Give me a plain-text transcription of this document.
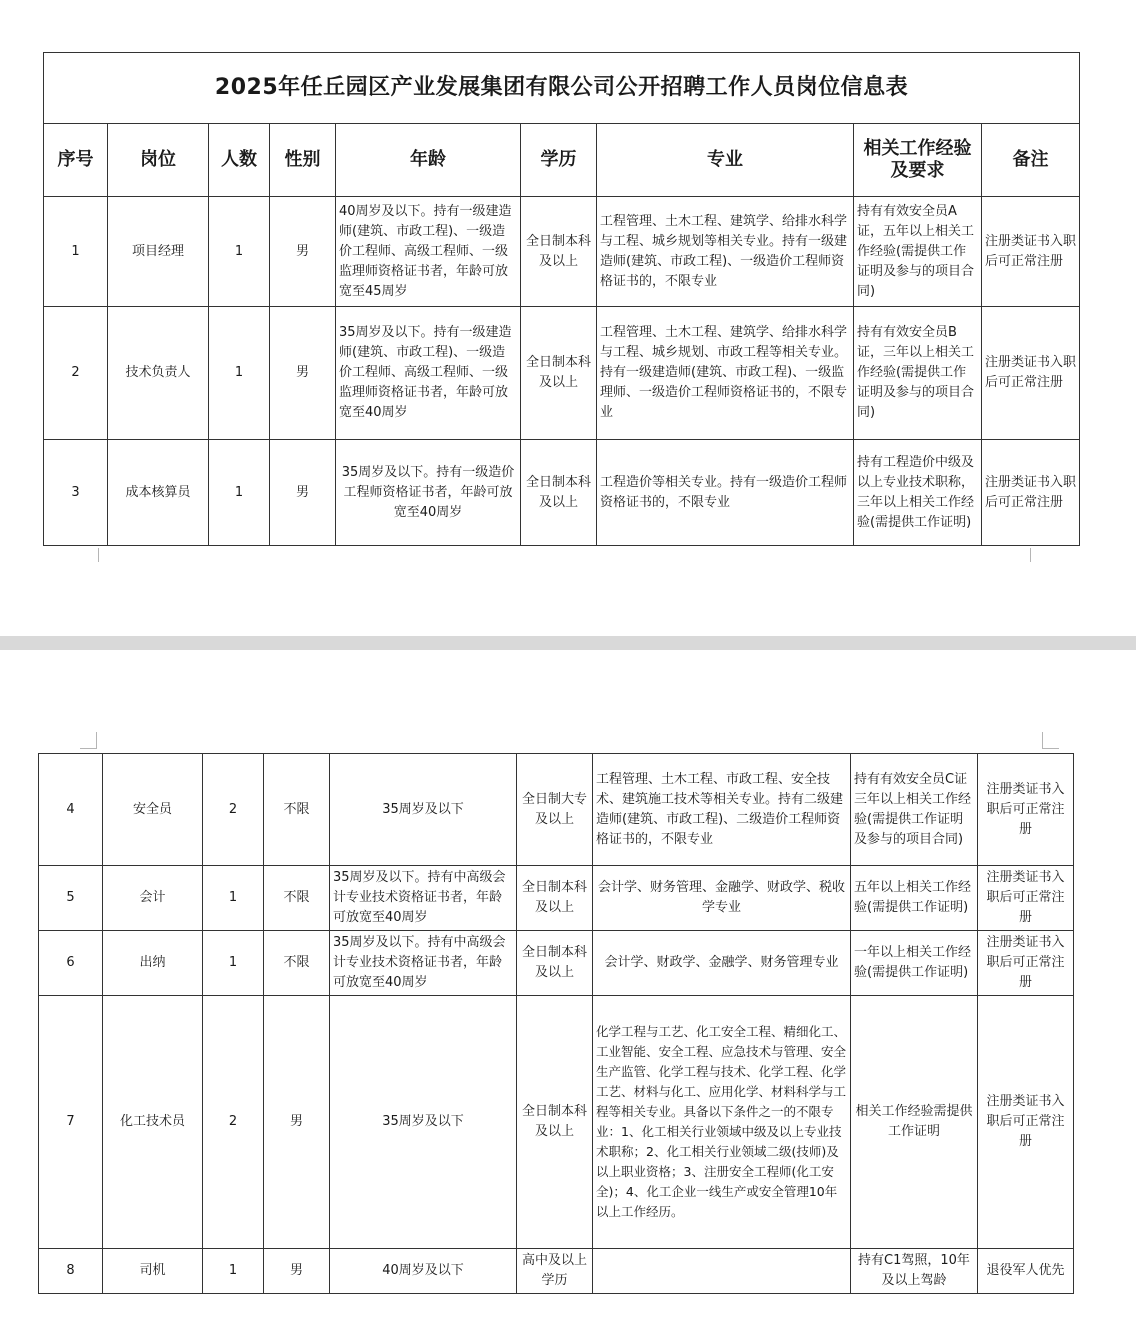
2025年任丘园区产业发展集团有限公司公开招聘工作人员岗位信息表								
序号	岗位	人数	性别	年龄	学历	专业	相关工作经验及要求	备注
1	项目经理	1	男	40周岁及以下。持有一级建造师(建筑、市政工程)、一级造价工程师、高级工程师、一级监理师资格证书者，年龄可放宽至45周岁	全日制本科及以上	工程管理、土木工程、建筑学、给排水科学与工程、城乡规划等相关专业。持有一级建造师(建筑、市政工程)、一级造价工程师资格证书的，不限专业	持有有效安全员A证，五年以上相关工作经验(需提供工作证明及参与的项目合同)	注册类证书入职后可正常注册
2	技术负责人	1	男	35周岁及以下。持有一级建造师(建筑、市政工程)、一级造价工程师、高级工程师、一级监理师资格证书者，年龄可放宽至40周岁	全日制本科及以上	工程管理、土木工程、建筑学、给排水科学与工程、城乡规划、市政工程等相关专业。持有一级建造师(建筑、市政工程)、一级监理师、一级造价工程师资格证书的，不限专业	持有有效安全员B证，三年以上相关工作经验(需提供工作证明及参与的项目合同)	注册类证书入职后可正常注册
3	成本核算员	1	男	35周岁及以下。持有一级造价工程师资格证书者，年龄可放宽至40周岁	全日制本科及以上	工程造价等相关专业。持有一级造价工程师资格证书的，不限专业	持有工程造价中级及以上专业技术职称，三年以上相关工作经验(需提供工作证明)	注册类证书入职后可正常注册
4	安全员	2	不限	35周岁及以下	全日制大专及以上	工程管理、土木工程、市政工程、安全技术、建筑施工技术等相关专业。持有二级建造师(建筑、市政工程)、二级造价工程师资格证书的，不限专业	持有有效安全员C证三年以上相关工作经验(需提供工作证明及参与的项目合同)	注册类证书入职后可正常注册
5	会计	1	不限	35周岁及以下。持有中高级会计专业技术资格证书者，年龄可放宽至40周岁	全日制本科及以上	会计学、财务管理、金融学、财政学、税收学专业	五年以上相关工作经验(需提供工作证明)	注册类证书入职后可正常注册
6	出纳	1	不限	35周岁及以下。持有中高级会计专业技术资格证书者，年龄可放宽至40周岁	全日制本科及以上	会计学、财政学、金融学、财务管理专业	一年以上相关工作经验(需提供工作证明)	注册类证书入职后可正常注册
7	化工技术员	2	男	35周岁及以下	全日制本科及以上	化学工程与工艺、化工安全工程、精细化工、工业智能、安全工程、应急技术与管理、安全生产监管、化学工程与技术、化学工程、化学工艺、材料与化工、应用化学、材料科学与工程等相关专业。具备以下条件之一的不限专业：1、化工相关行业领域中级及以上专业技术职称；2、化工相关行业领域二级(技师)及以上职业资格；3、注册安全工程师(化工安全)；4、化工企业一线生产或安全管理10年以上工作经历。	相关工作经验需提供工作证明	注册类证书入职后可正常注册
8	司机	1	男	40周岁及以下	高中及以上学历		持有C1驾照，10年及以上驾龄	退役军人优先
